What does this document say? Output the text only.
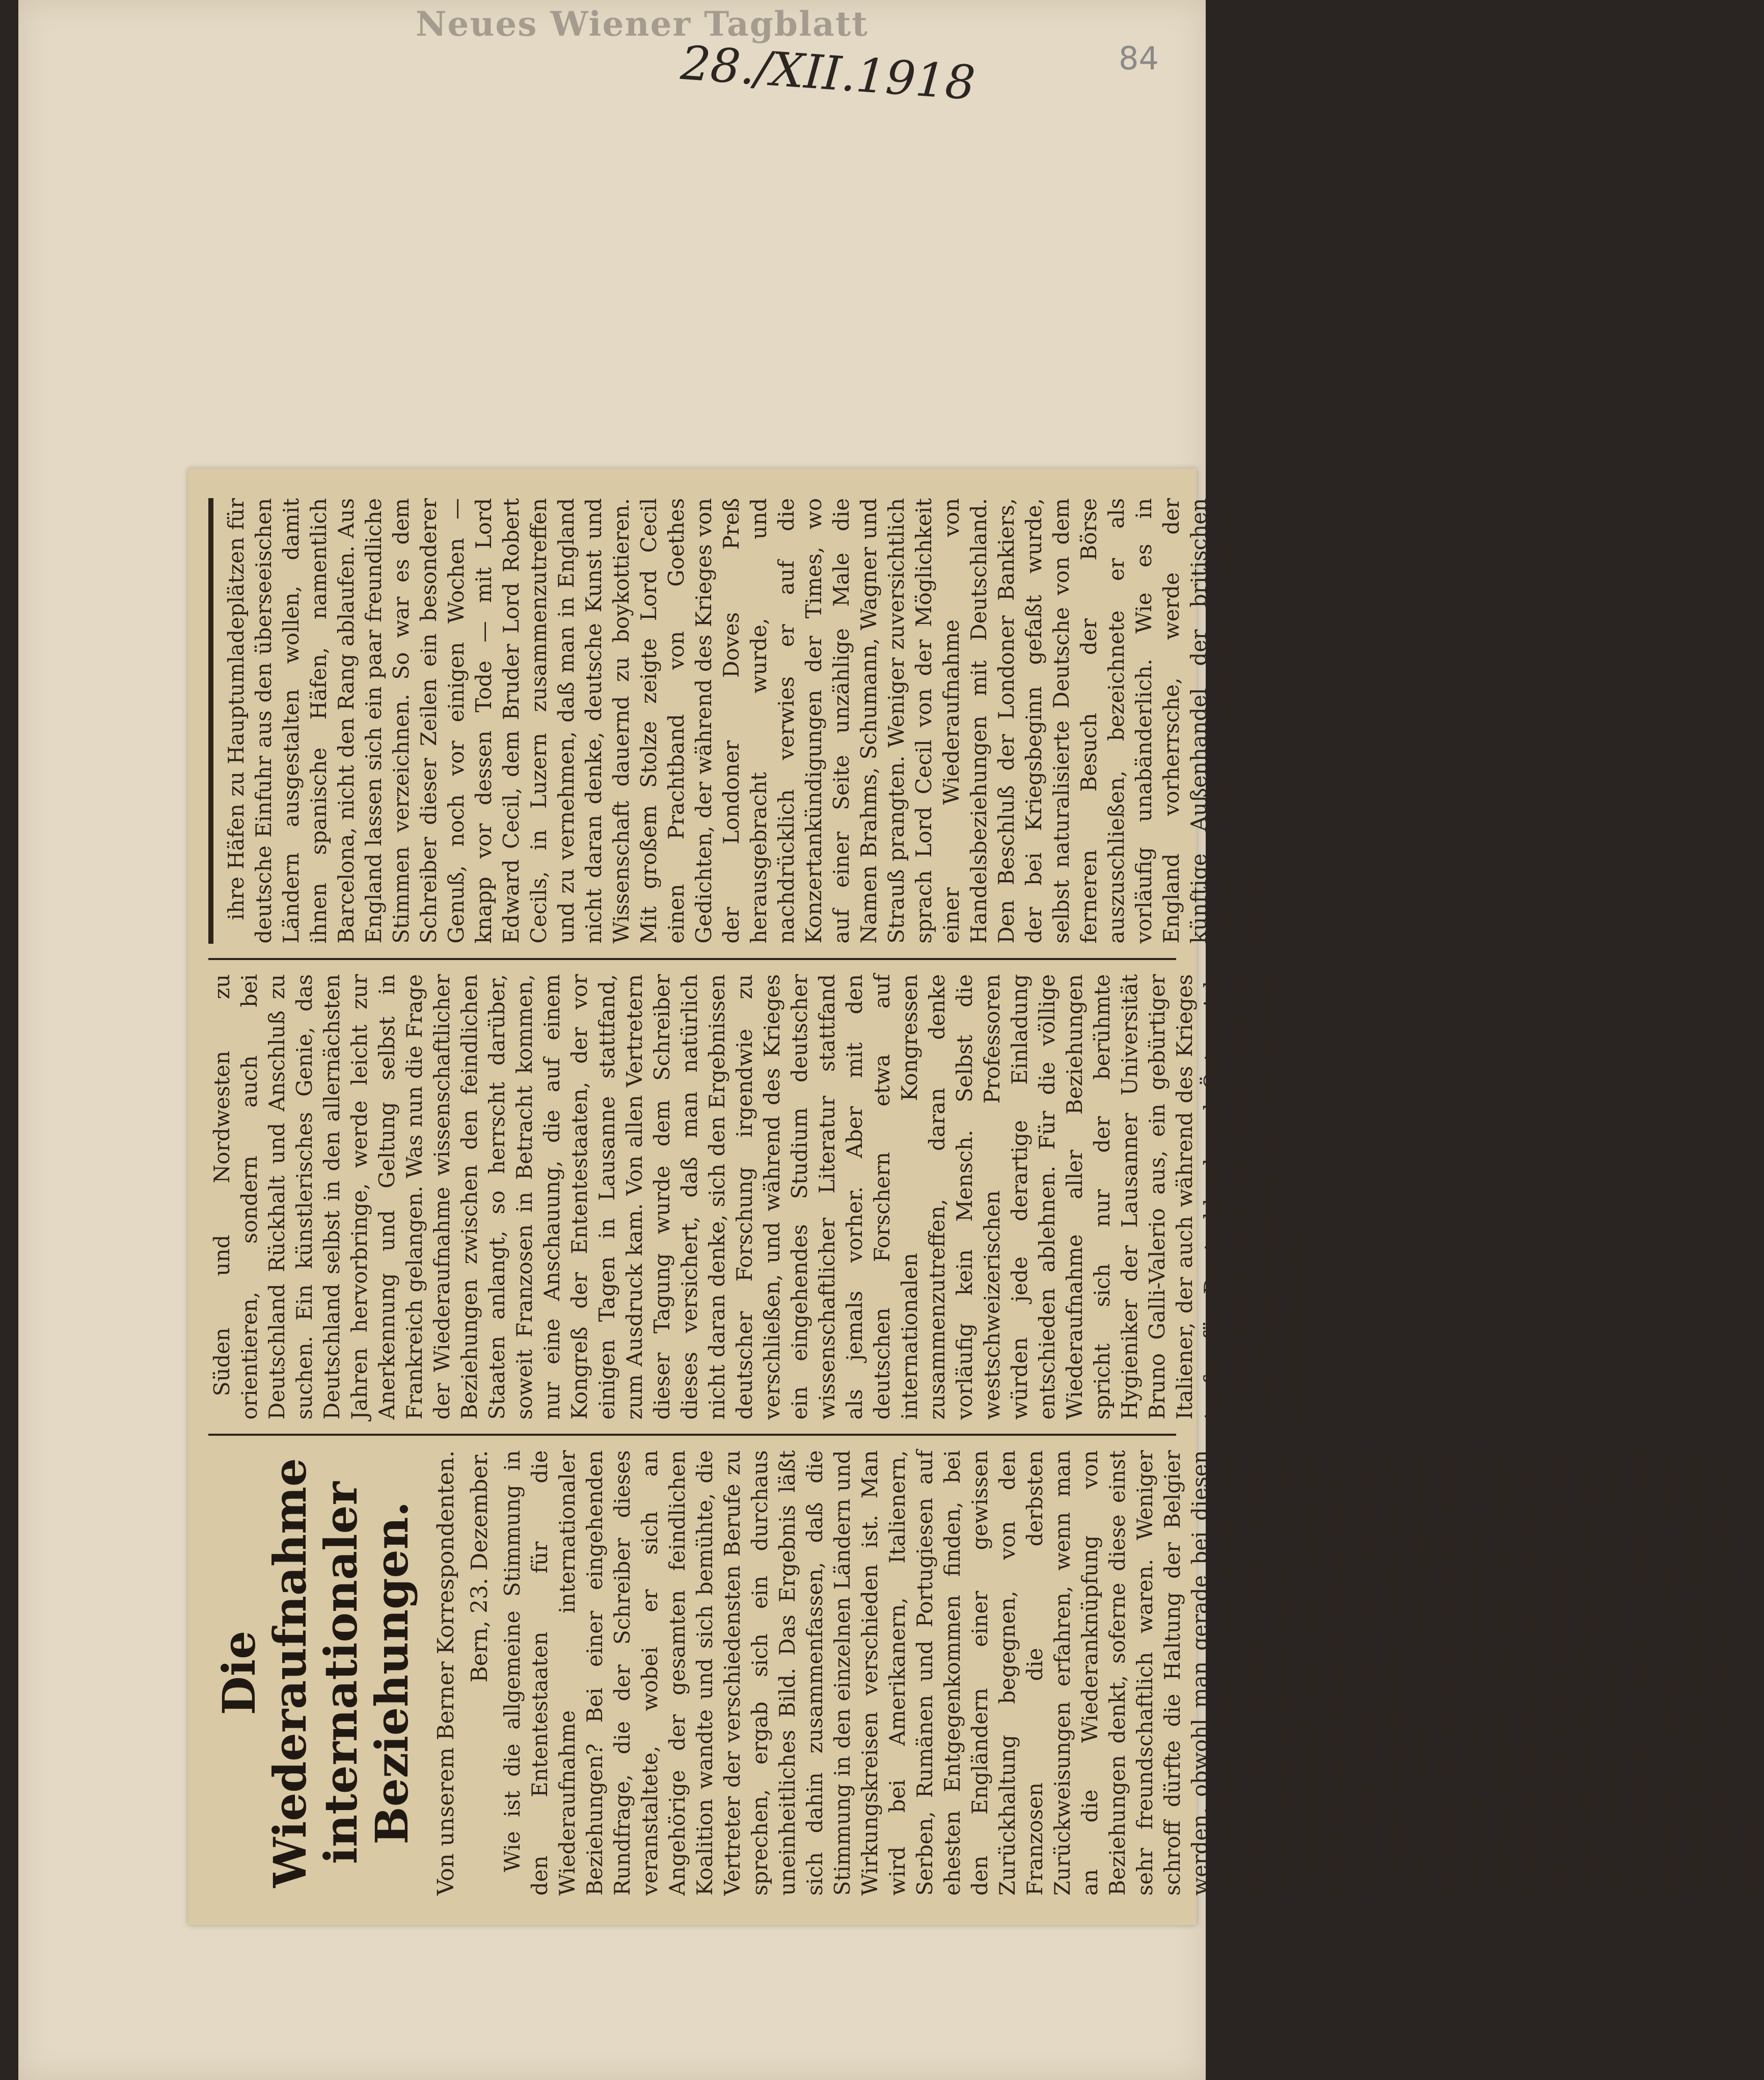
Neues Wiener Tagblatt
28./XII.1918	84
Die Wiederaufnahme internationaler Beziehungen. Von unserem Berner Korrespondenten. Bern, 23. Dezember. Wie ist die allgemeine Stimmung in den Ententestaaten für die Wiederaufnahme internationaler Beziehungen? Bei einer eingehenden Rundfrage, die der Schreiber dieses veranstaltete, wobei er sich an Angehörige der gesamten feindlichen Koalition wandte und sich bemühte, die Vertreter der verschiedensten Berufe zu sprechen, ergab sich ein durchaus uneinheitliches Bild. Das Ergebnis läßt sich dahin zusammenfassen, daß die Stimmung in den einzelnen Ländern und Wirkungskreisen verschieden ist. Man wird bei Amerikanern, Italienern, Serben, Rumänen und Portugiesen auf ehesten Entgegenkommen finden, bei den Engländern einer gewissen Zurückhaltung begegnen, von den Franzosen die derbsten Zurückweisungen erfahren, wenn man an die Wiederanknüpfung von Beziehungen denkt, soferne diese einst sehr freundschaftlich waren. Weniger schroff dürfte die Haltung der Belgier werden, obwohl man gerade bei diesen auf stärkste Abkehr von allem, was deutsch ist, gefaßt sein müßte. Bezeichnend in dieser Hinsicht ist eine Zusammenkunft mit dem belgischen Maler François Maserel, dessen Haus in Tourcoing zwar von den deutschen Truppen ausgeplündert wurde, der sich aber soviel Gerechtigkeitssinn bewahrte, für diese Tat nicht das ganze deutsche Volk verantwortlich zu machen, sondern sich stets der großen Eindrücke dankbar erinnert, welche ihm die deutsche Kunst bereitete, und der sogar während des Krieges so weit ging, mit seinem feinen Stift für volle Gerechtigkeit, auch Deutschland gegenüber, wirkte. Zwar meinte Maserel, daß die künftigen Beziehungen nur allmählich wieder anzuknüpfen sein werden.

Süden und Nordwesten zu orientieren, sondern auch bei Deutschland Rückhalt und Anschluß zu suchen. Ein künstlerisches Genie, das Deutschland selbst in den allernächsten Jahren hervorbringe, werde leicht zur Anerkennung und Geltung selbst in Frankreich gelangen. Was nun die Frage der Wiederaufnahme wissenschaftlicher Beziehungen zwischen den feindlichen Staaten anlangt, so herrscht darüber, soweit Franzosen in Betracht kommen, nur eine Anschauung, die auf einem Kongreß der Ententestaaten, der vor einigen Tagen in Lausanne stattfand, zum Ausdruck kam. Von allen Vertretern dieser Tagung wurde dem Schreiber dieses versichert, daß man natürlich nicht daran denke, sich den Ergebnissen deutscher Forschung irgendwie zu verschließen, und während des Krieges ein eingehendes Studium deutscher wissenschaftlicher Literatur stattfand als jemals vorher. Aber mit den deutschen Forschern etwa auf internationalen Kongressen zusammenzutreffen, daran denke vorläufig kein Mensch. Selbst die westschweizerischen Professoren würden jede derartige Einladung entschieden ablehnen. Für die völlige Wiederaufnahme aller Beziehungen spricht sich nur der berühmte Hygieniker der Lausanner Universität Bruno Galli-Valerio aus, ein gebürtiger Italiener, der auch während des Krieges tapfer für Deutschland und Österreich eintrat und in Wort und Schrift stets vor dem Zusammengehen mit der Entente abgehalten hatte.

ihre Häfen zu Hauptumladeplätzen für deutsche Einfuhr aus den überseeischen Ländern ausgestalten wollen, damit ihnen spanische Häfen, namentlich Barcelona, nicht den Rang ablaufen. Aus England lassen sich ein paar freundliche Stimmen verzeichnen. So war es dem Schreiber dieser Zeilen ein besonderer Genuß, noch vor einigen Wochen — knapp vor dessen Tode — mit Lord Edward Cecil, dem Bruder Lord Robert Cecils, in Luzern zusammenzutreffen und zu vernehmen, daß man in England nicht daran denke, deutsche Kunst und Wissenschaft dauernd zu boykottieren. Mit großem Stolze zeigte Lord Cecil einen Prachtband von Goethes Gedichten, der während des Krieges von der Londoner Doves Preß herausgebracht wurde, und nachdrücklich verwies er auf die Konzertankündigungen der Times, wo auf einer Seite unzählige Male die Namen Brahms, Schumann, Wagner und Strauß prangten. Weniger zuversichtlich sprach Lord Cecil von der Möglichkeit einer Wiederaufnahme von Handelsbeziehungen mit Deutschland. Den Beschluß der Londoner Bankiers, der bei Kriegsbeginn gefaßt wurde, selbst naturalisierte Deutsche von dem ferneren Besuch der Börse auszuschließen, bezeichnete er als vorläufig unabänderlich. Wie es in England vorherrsche, werde der künftige Außenhandel der britischen niemals mehr gefährlich werden können.
